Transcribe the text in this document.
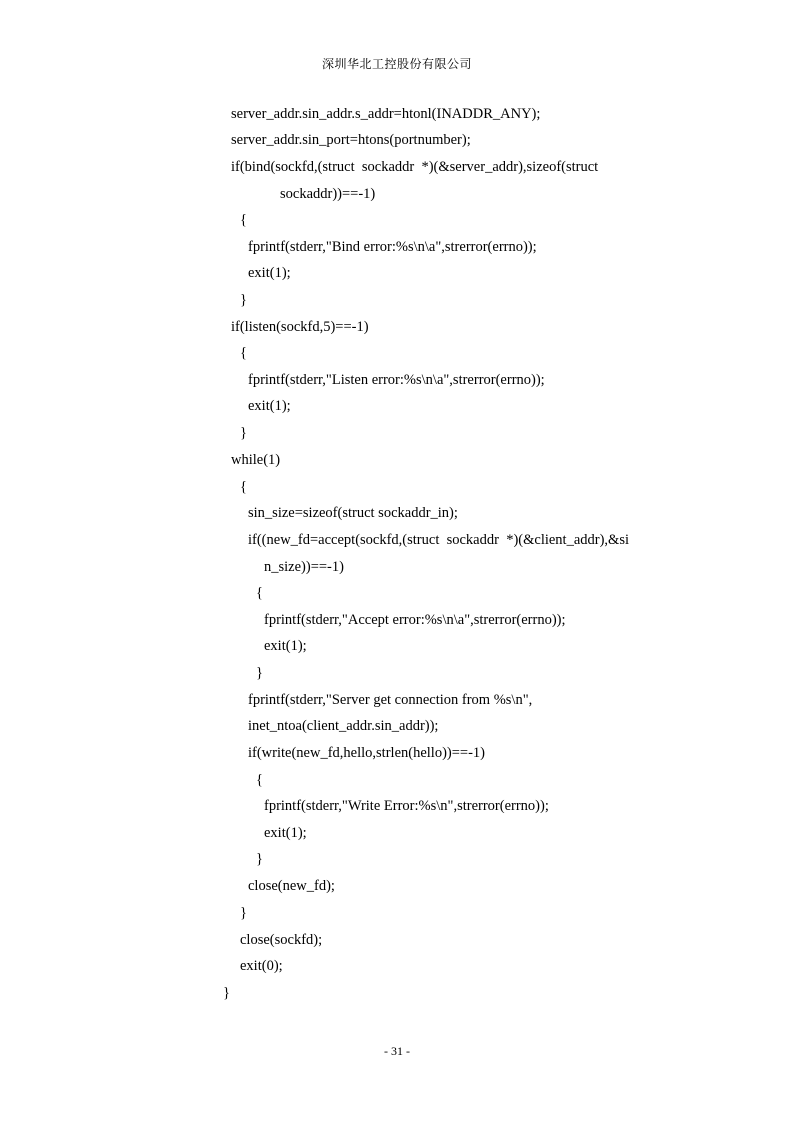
深圳华北工控股份有限公司
server_addr.sin_addr.s_addr=htonl(INADDR_ANY);
server_addr.sin_port=htons(portnumber);
if(bind(sockfd,(struct  sockaddr  *)(&server_addr),sizeof(struct
sockaddr))==-1)
{
fprintf(stderr,"Bind error:%s\n\a",strerror(errno));
exit(1);
}
if(listen(sockfd,5)==-1)
{
fprintf(stderr,"Listen error:%s\n\a",strerror(errno));
exit(1);
}
while(1)
{
sin_size=sizeof(struct sockaddr_in);
if((new_fd=accept(sockfd,(struct  sockaddr  *)(&client_addr),&si
n_size))==-1)
{
fprintf(stderr,"Accept error:%s\n\a",strerror(errno));
exit(1);
}
fprintf(stderr,"Server get connection from %s\n",
inet_ntoa(client_addr.sin_addr));
if(write(new_fd,hello,strlen(hello))==-1)
{
fprintf(stderr,"Write Error:%s\n",strerror(errno));
exit(1);
}
close(new_fd);
}
close(sockfd);
exit(0);
}
- 31 -
